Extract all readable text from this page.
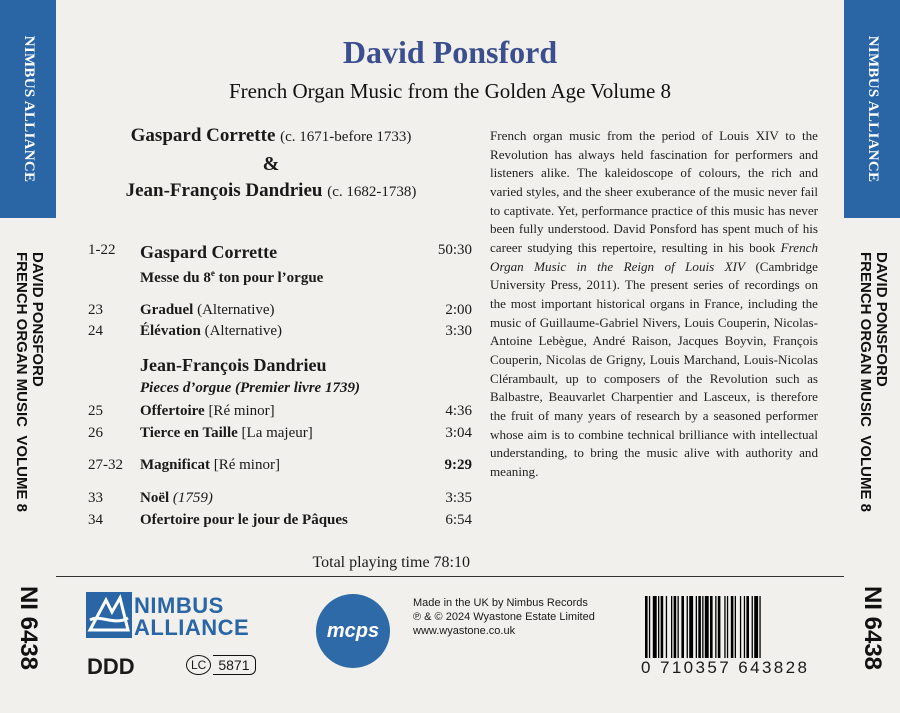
NIMBUS ALLIANCE
DAVID PONSFORD
FRENCH ORGAN MUSIC  VOLUME 8
NI 6438
NIMBUS ALLIANCE
DAVID PONSFORD
FRENCH ORGAN MUSIC  VOLUME 8
NI 6438
David Ponsford
French Organ Music from the Golden Age Volume 8
Gaspard Corrette (c. 1671-before 1733)
&
Jean-François Dandrieu (c. 1682-1738)
1-22 Gaspard Corrette	50:30
Messe du 8e ton pour l’orgue
23 Graduel (Alternative)	2:00
24 Élévation (Alternative)	3:30
Jean-François Dandrieu
Pieces d’orgue (Premier livre 1739)
25 Offertoire [Ré minor]	4:36
26 Tierce en Taille [La majeur]	3:04
27-32 Magnificat [Ré minor]	9:29
33 Noël (1759)	3:35
34 Ofertoire pour le jour de Pâques	6:54
Total playing time 78:10
French organ music from the period of Louis XIV to the Revolution has always held fascination for performers and listeners alike. The kaleidoscope of colours, the rich and varied styles, and the sheer exuberance of the music never fail to captivate. Yet, performance practice of this music has never been fully understood. David Ponsford has spent much of his career studying this repertoire, resulting in his book French Organ Music in the Reign of Louis XIV (Cambridge University Press, 2011). The present series of recordings on the most important historical organs in France, including the music of Guillaume-Gabriel Nivers, Louis Couperin, Nicolas-Antoine Lebègue, André Raison, Jacques Boyvin, François Couperin, Nicolas de Grigny, Louis Marchand, Louis-Nicolas Clérambault, up to composers of the Revolution such as Balbastre, Beauvarlet Charpentier and Lasceux, is therefore the fruit of many years of research by a seasoned performer whose aim is to combine technical brilliance with intellectual understanding, to bring the music alive with authority and meaning.
NIMBUS
ALLIANCE
DDD	LC 5871
mcps
Made in the UK by Nimbus Records
℗ & © 2024 Wyastone Estate Limited
www.wyastone.co.uk
0 710357 643828
